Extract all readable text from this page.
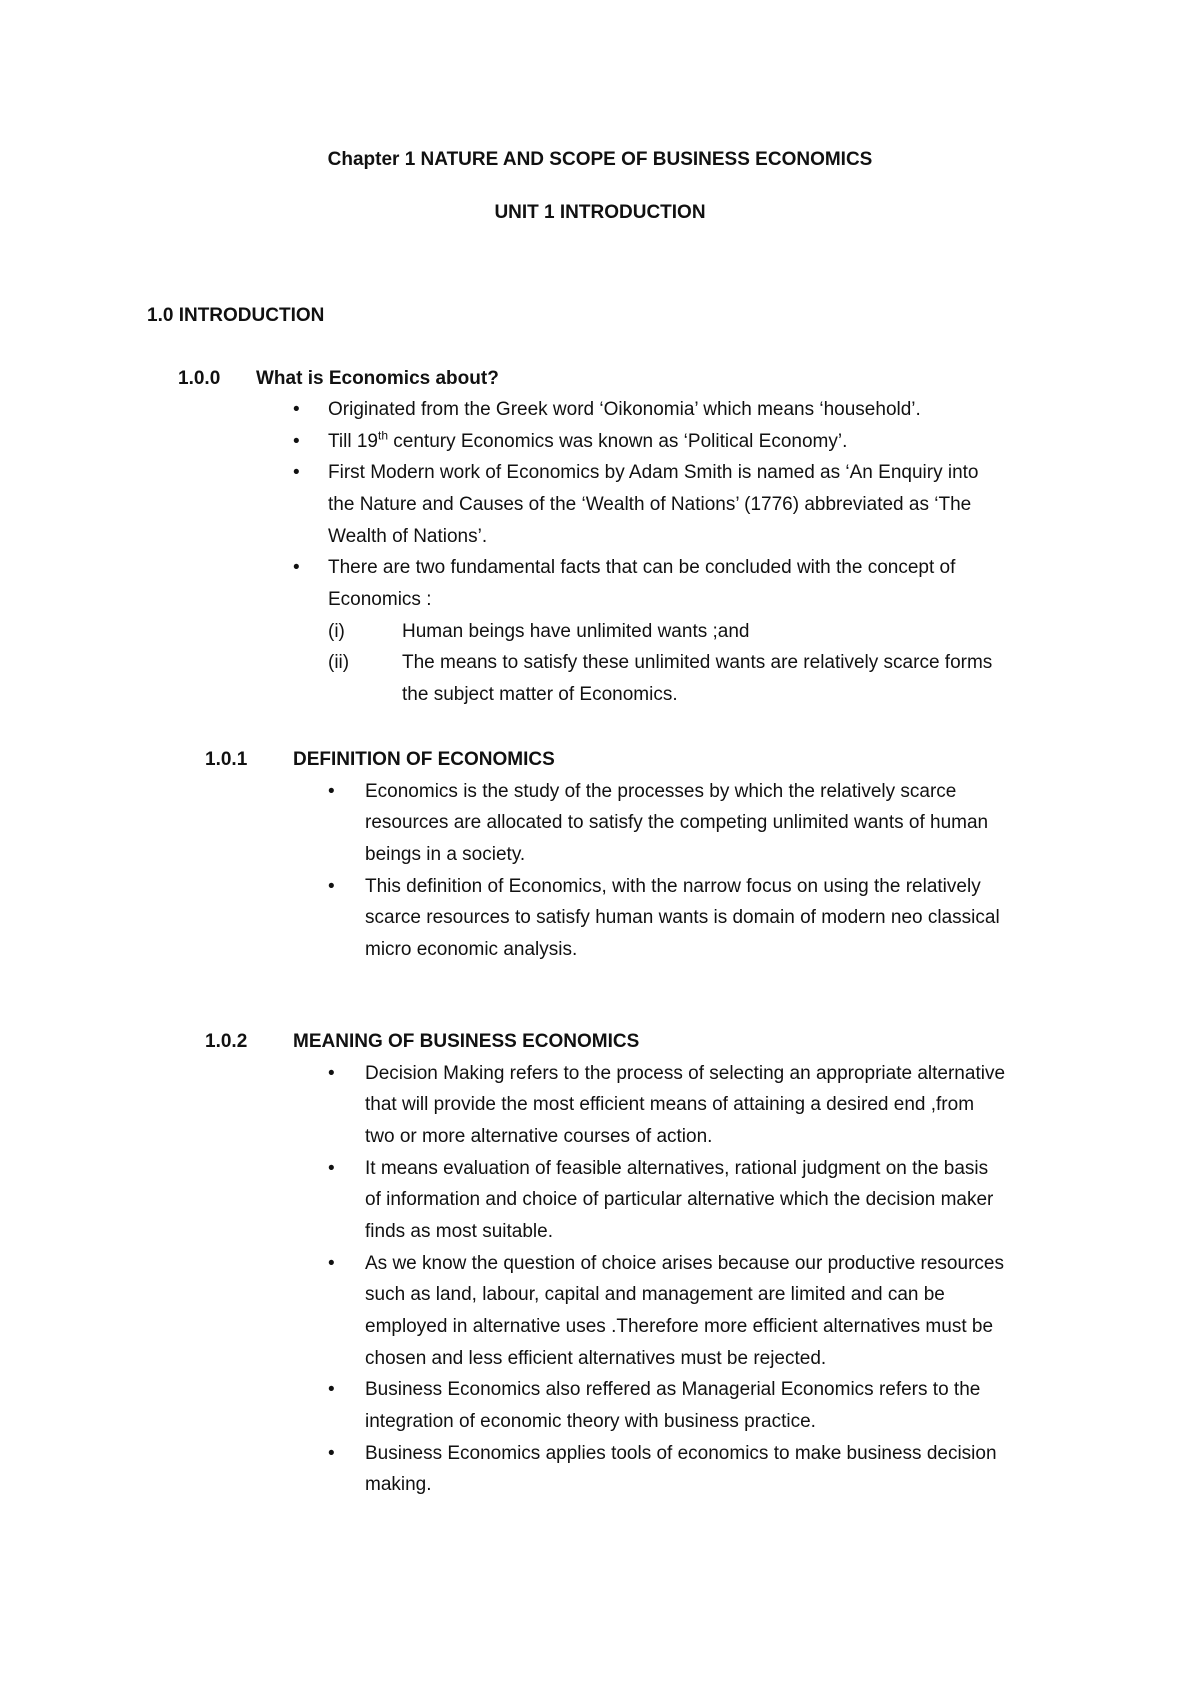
Chapter 1 NATURE AND SCOPE OF BUSINESS ECONOMICS
UNIT 1 INTRODUCTION
1.0 INTRODUCTION
1.0.0 What is Economics about?
• Originated from the Greek word ‘Oikonomia’ which means ‘household’.
• Till 19th century Economics was known as ‘Political Economy’.
• First Modern work of Economics by Adam Smith is named as ‘An Enquiry into
the Nature and Causes of the ‘Wealth of Nations’ (1776) abbreviated as ‘The
Wealth of Nations’.
• There are two fundamental facts that can be concluded with the concept of
Economics :
(i)	Human beings have unlimited wants ;and
(ii)	The means to satisfy these unlimited wants are relatively scarce forms
the subject matter of Economics.
1.0.1 DEFINITION OF ECONOMICS
• Economics is the study of the processes by which the relatively scarce
resources are allocated to satisfy the competing unlimited wants of human
beings in a society.
• This definition of Economics, with the narrow focus on using the relatively
scarce resources to satisfy human wants is domain of modern neo classical
micro economic analysis.
1.0.2 MEANING OF BUSINESS ECONOMICS
• Decision Making refers to the process of selecting an appropriate alternative
that will provide the most efficient means of attaining a desired end ,from
two or more alternative courses of action.
• It means evaluation of feasible alternatives, rational judgment on the basis
of information and choice of particular alternative which the decision maker
finds as most suitable.
• As we know the question of choice arises because our productive resources
such as land, labour, capital and management are limited and can be
employed in alternative uses .Therefore more efficient alternatives must be
chosen and less efficient alternatives must be rejected.
• Business Economics also reffered as Managerial Economics refers to the
integration of economic theory with business practice.
• Business Economics applies tools of economics to make business decision
making.
